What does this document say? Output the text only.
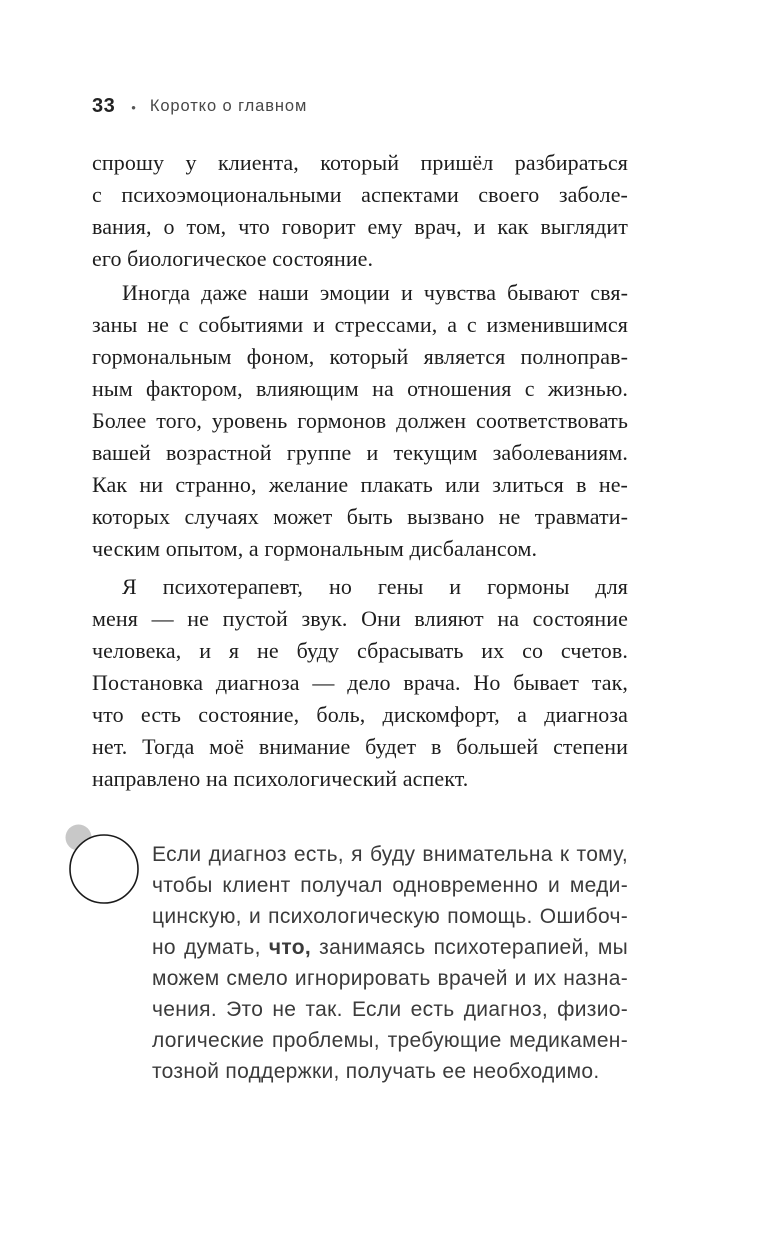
33 • Коротко о главном
спрошу у клиента, который пришёл разбираться
с психоэмоциональными аспектами своего заболе-
вания, о том, что говорит ему врач, и как выглядит
его биологическое состояние.
Иногда даже наши эмоции и чувства бывают свя-
заны не с событиями и стрессами, а с изменившимся
гормональным фоном, который является полноправ-
ным фактором, влияющим на отношения с жизнью.
Более того, уровень гормонов должен соответствовать
вашей возрастной группе и текущим заболеваниям.
Как ни странно, желание плакать или злиться в не-
которых случаях может быть вызвано не травмати-
ческим опытом, а гормональным дисбалансом.
Я психотерапевт, но гены и гормоны для
меня — не пустой звук. Они влияют на состояние
человека, и я не буду сбрасывать их со счетов.
Постановка диагноза — дело врача. Но бывает так,
что есть состояние, боль, дискомфорт, а диагноза
нет. Тогда моё внимание будет в большей степени
направлено на психологический аспект.
Если диагноз есть, я буду внимательна к тому,
чтобы клиент получал одновременно и меди-
цинскую, и психологическую помощь. Ошибоч-
но думать, что, занимаясь психотерапией, мы
можем смело игнорировать врачей и их назна-
чения. Это не так. Если есть диагноз, физио-
логические проблемы, требующие медикамен-
тозной поддержки, получать ее необходимо.
